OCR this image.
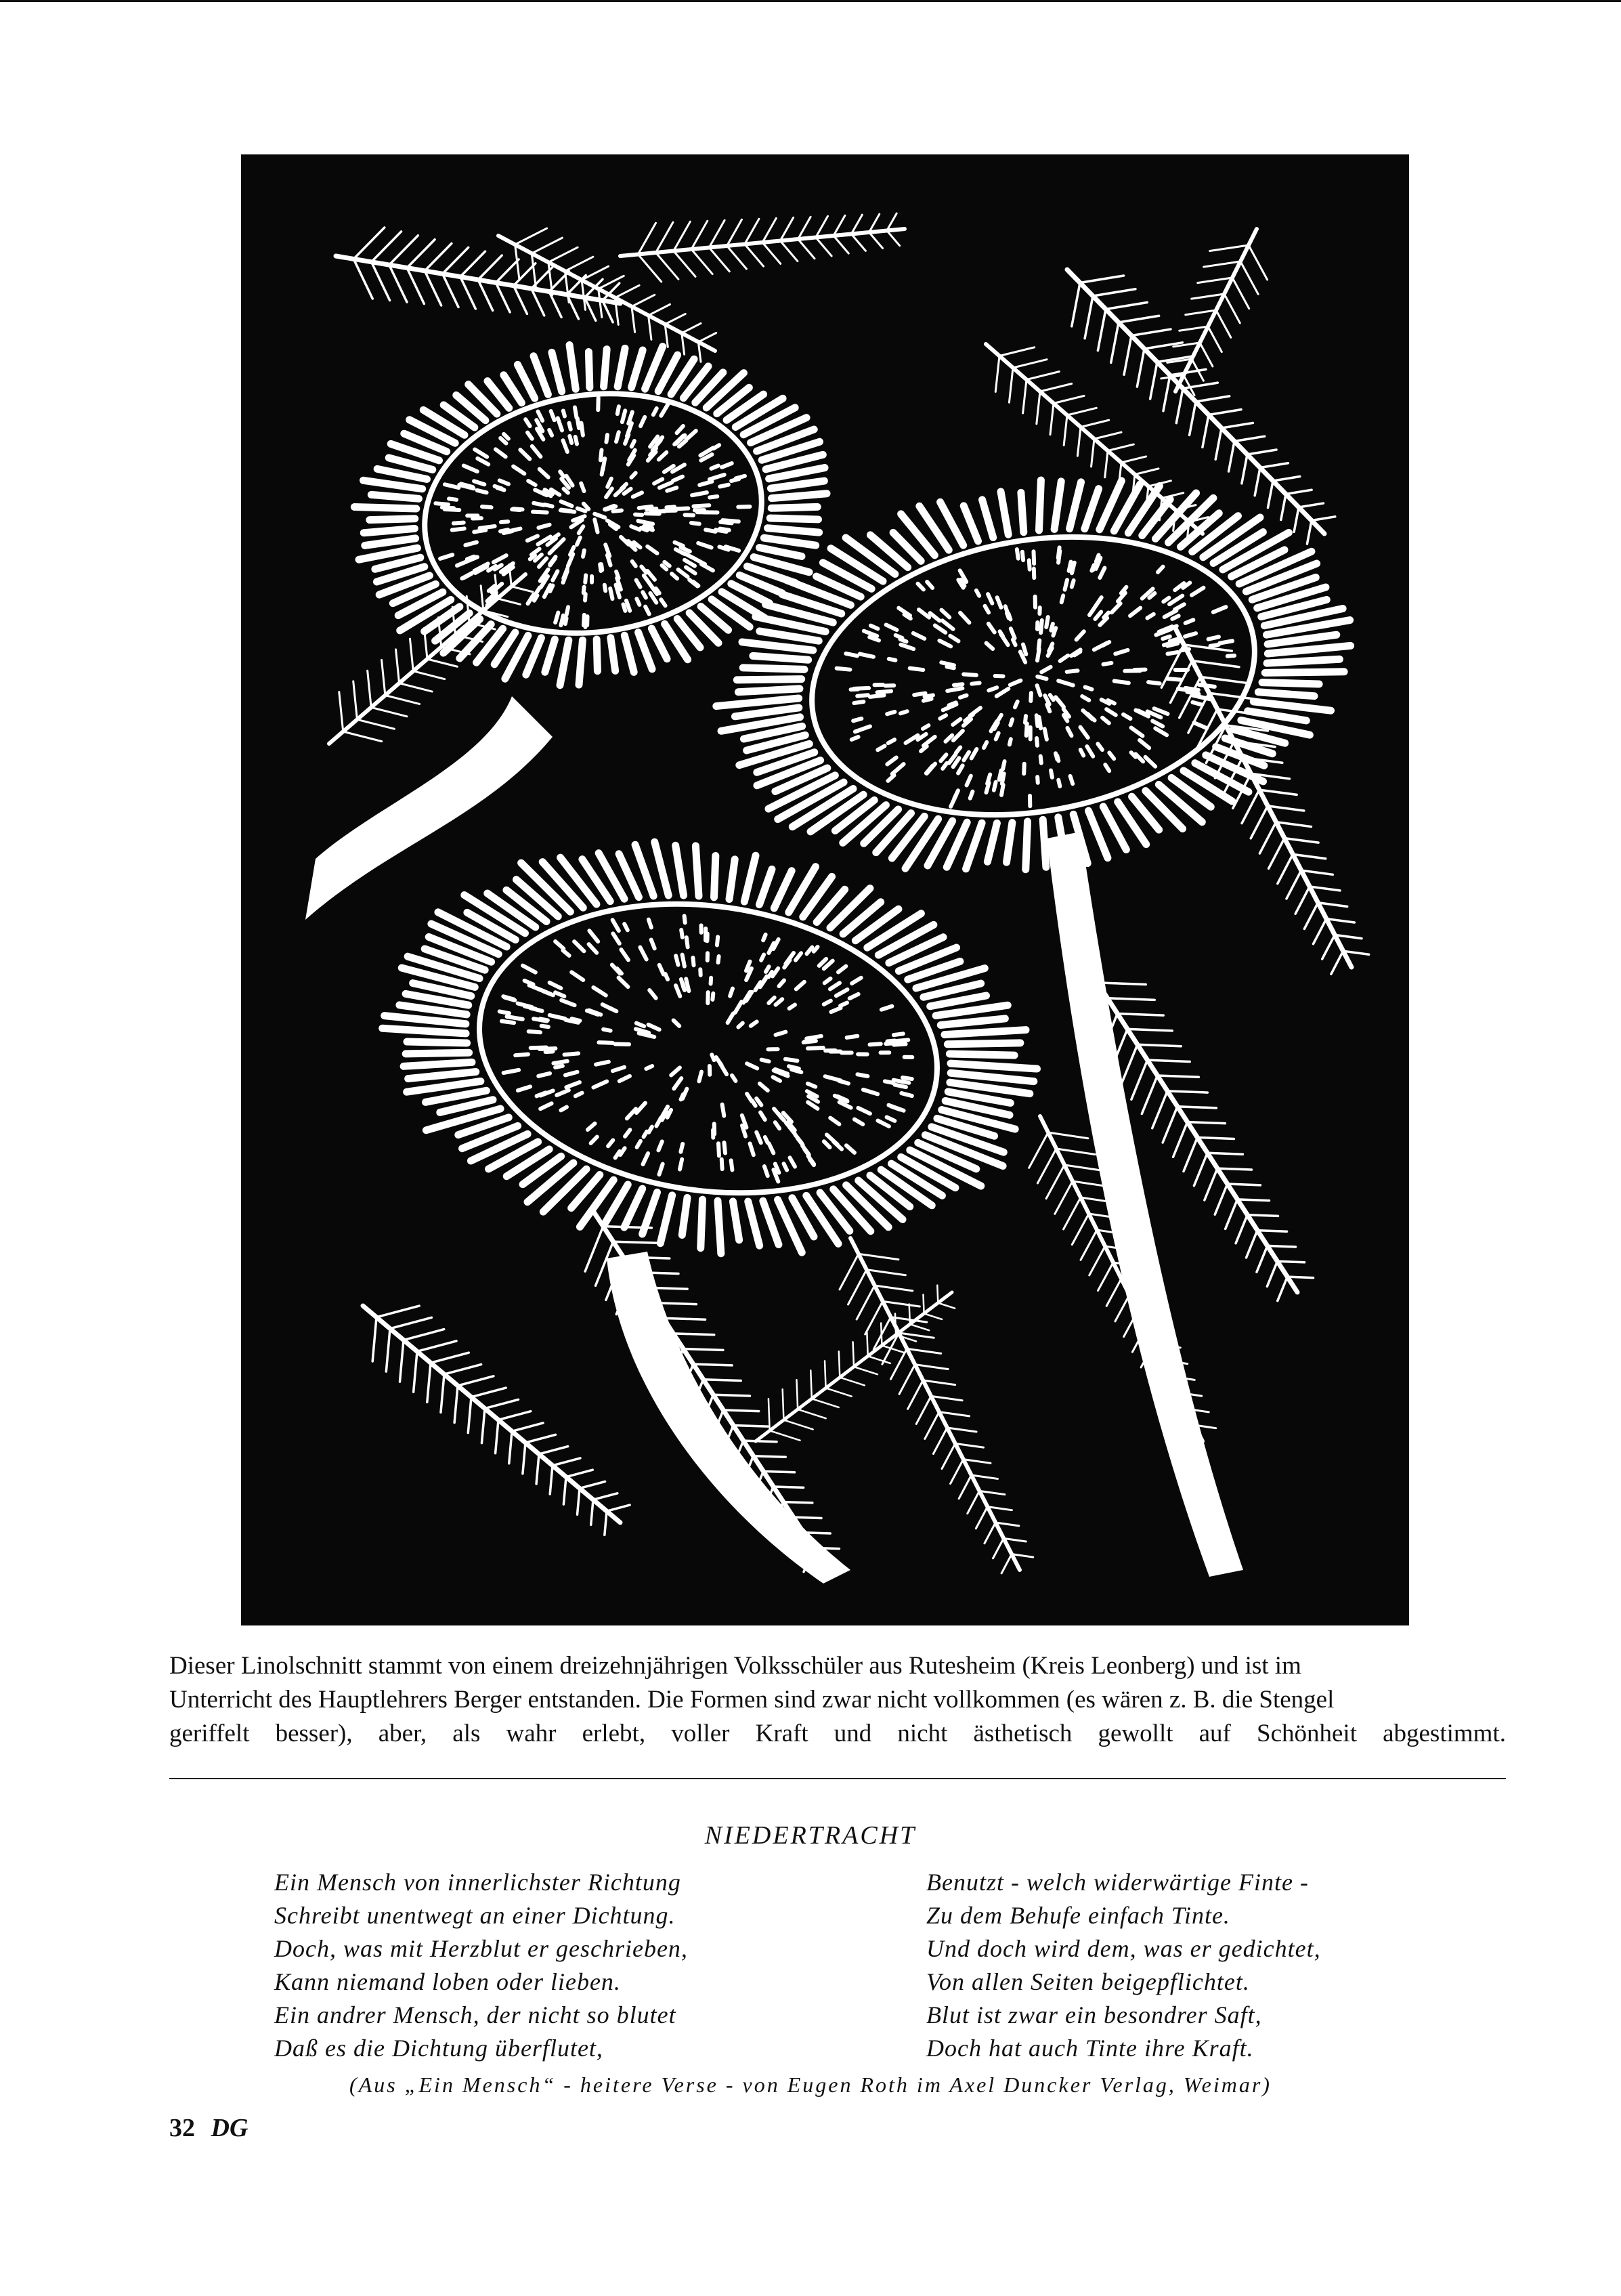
Dieser Linolschnitt stammt von einem dreizehnjährigen Volksschüler aus Rutesheim (Kreis Leonberg) und ist im
Unterricht des Hauptlehrers Berger entstanden. Die Formen sind zwar nicht vollkommen (es wären z. B. die Stengel
geriffelt besser), aber, als wahr erlebt, voller Kraft und nicht ästhetisch gewollt auf Schönheit abgestimmt.
NIEDERTRACHT
Ein Mensch von innerlichster Richtung
Schreibt unentwegt an einer Dichtung.
Doch, was mit Herzblut er geschrieben,
Kann niemand loben oder lieben.
Ein andrer Mensch, der nicht so blutet
Daß es die Dichtung überflutet,
Benutzt - welch widerwärtige Finte -
Zu dem Behufe einfach Tinte.
Und doch wird dem, was er gedichtet,
Von allen Seiten beigepflichtet.
Blut ist zwar ein besondrer Saft,
Doch hat auch Tinte ihre Kraft.
(Aus „Ein Mensch“ - heitere Verse - von Eugen Roth im Axel Duncker Verlag, Weimar)
32 DG
